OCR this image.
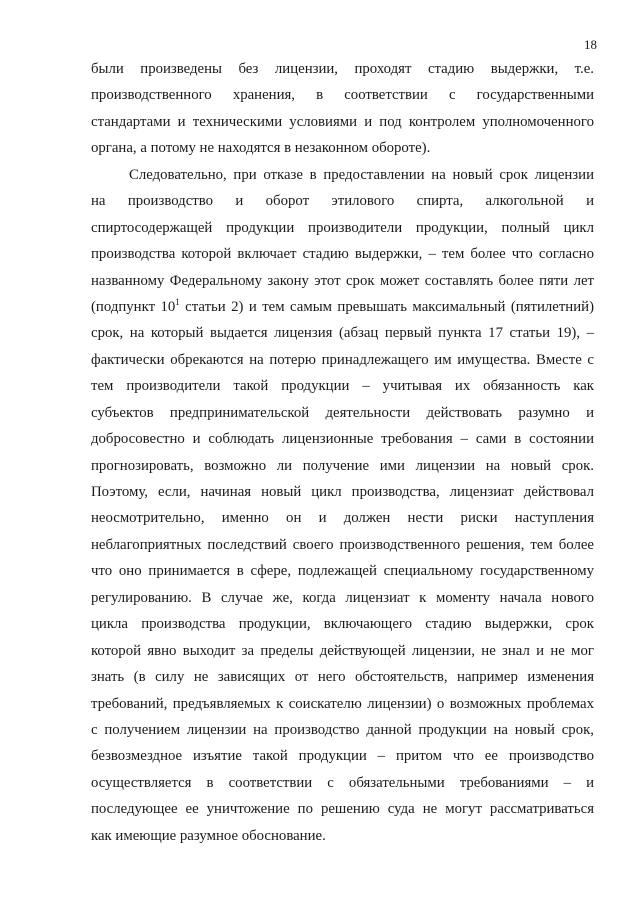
18
были произведены без лицензии, проходят стадию выдержки, т.е.
производственного хранения, в соответствии с государственными
стандартами и техническими условиями и под контролем уполномоченного
органа, а потому не находятся в незаконном обороте).
Следовательно, при отказе в предоставлении на новый срок лицензии
на производство и оборот этилового спирта, алкогольной и
спиртосодержащей продукции производители продукции, полный цикл
производства которой включает стадию выдержки, – тем более что согласно
названному Федеральному закону этот срок может составлять более пяти лет
(подпункт $10^1$ статьи 2) и тем самым превышать максимальный (пятилетний)
срок, на который выдается лицензия (абзац первый пункта 17 статьи 19), –
фактически обрекаются на потерю принадлежащего им имущества. Вместе с
тем производители такой продукции – учитывая их обязанность как
субъектов предпринимательской деятельности действовать разумно и
добросовестно и соблюдать лицензионные требования – сами в состоянии
прогнозировать, возможно ли получение ими лицензии на новый срок.
Поэтому, если, начиная новый цикл производства, лицензиат действовал
неосмотрительно, именно он и должен нести риски наступления
неблагоприятных последствий своего производственного решения, тем более
что оно принимается в сфере, подлежащей специальному государственному
регулированию. В случае же, когда лицензиат к моменту начала нового
цикла производства продукции, включающего стадию выдержки, срок
которой явно выходит за пределы действующей лицензии, не знал и не мог
знать (в силу не зависящих от него обстоятельств, например изменения
требований, предъявляемых к соискателю лицензии) о возможных проблемах
с получением лицензии на производство данной продукции на новый срок,
безвозмездное изъятие такой продукции – притом что ее производство
осуществляется в соответствии с обязательными требованиями – и
последующее ее уничтожение по решению суда не могут рассматриваться
как имеющие разумное обоснование.
